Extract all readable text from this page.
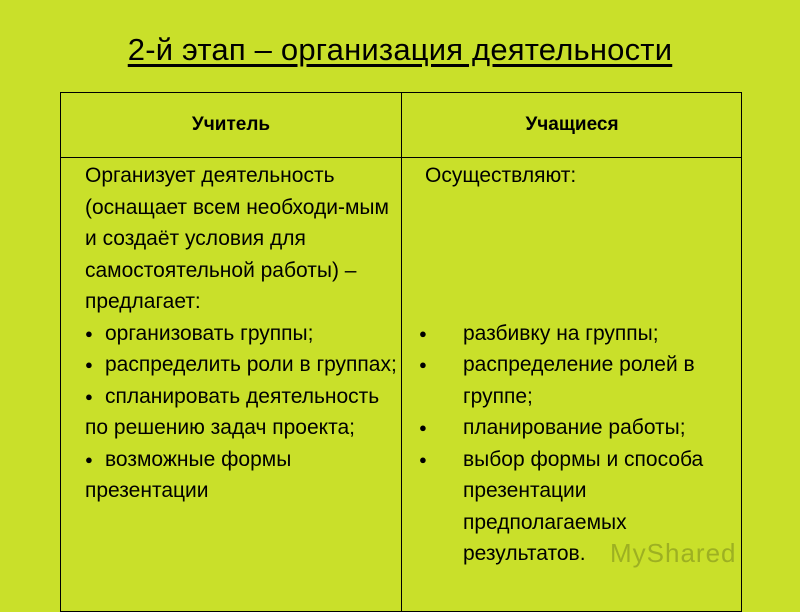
2-й этап – организация деятельности
Учитель	Учащиеся

Организует деятельность (оснащает всем необходи-мым и создаёт условия для самостоятельной работы) – предлагает:

● организовать группы;

● распределить роли в группах;

● спланировать деятельность по решению задач проекта;

● возможные формы презентации

Осуществляют:

● разбивку на группы;

● распределение ролей в группе;

● планирование работы;

● выбор формы и способа презентации предполагаемых результатов. MyShared
